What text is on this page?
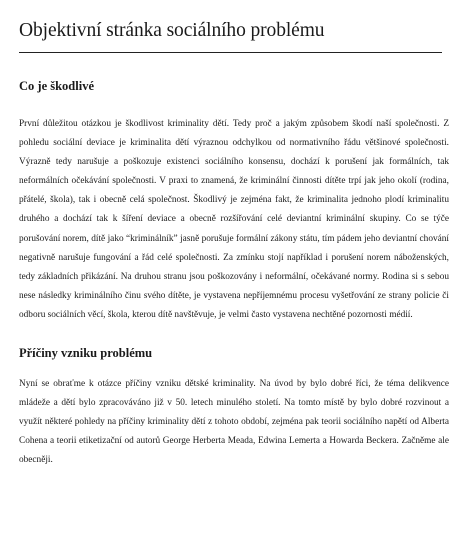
Objektivní stránka sociálního problému
Co je škodlivé

První důležitou otázkou je škodlivost kriminality dětí. Tedy proč a jakým způsobem škodí naší společnosti. Z pohledu sociální deviace je kriminalita dětí výraznou odchylkou od normativního řádu většinové společnosti. Výrazně tedy narušuje a poškozuje existenci sociálního konsensu, dochází k porušení jak formálních, tak neformálních očekávání společnosti. V praxi to znamená, že kriminální činnosti dítěte trpí jak jeho okolí (rodina, přátelé, škola), tak i obecně celá společnost. Škodlivý je zejména fakt, že kriminalita jednoho plodí kriminalitu druhého a dochází tak k šíření deviace a obecně rozšířování celé deviantní kriminální skupiny. Co se týče porušování norem, dítě jako “kriminálník” jasně porušuje formální zákony státu, tím pádem jeho deviantní chování negativně narušuje fungování a řád celé společnosti. Za zmínku stojí například i porušení norem náboženských, tedy základních přikázání. Na druhou stranu jsou poškozovány i neformální, očekávané normy. Rodina si s sebou nese následky kriminálního činu svého dítěte, je vystavena nepříjemnému procesu vyšetřování ze strany policie či odboru sociálních věcí, škola, kterou dítě navštěvuje, je velmi často vystavena nechtěné pozornosti médií.

Příčiny vzniku problému

Nyní se obraťme k otázce příčiny vzniku dětské kriminality. Na úvod by bylo dobré říci, že téma delikvence mládeže a dětí bylo zpracováváno již v 50. letech minulého století. Na tomto místě by bylo dobré rozvinout a využít některé pohledy na příčiny kriminality dětí z tohoto období, zejména pak teorii sociálního napětí od Alberta Cohena a teorii etiketizační od autorů George Herberta Meada, Edwina Lemerta a Howarda Beckera. Začněme ale obecněji.
